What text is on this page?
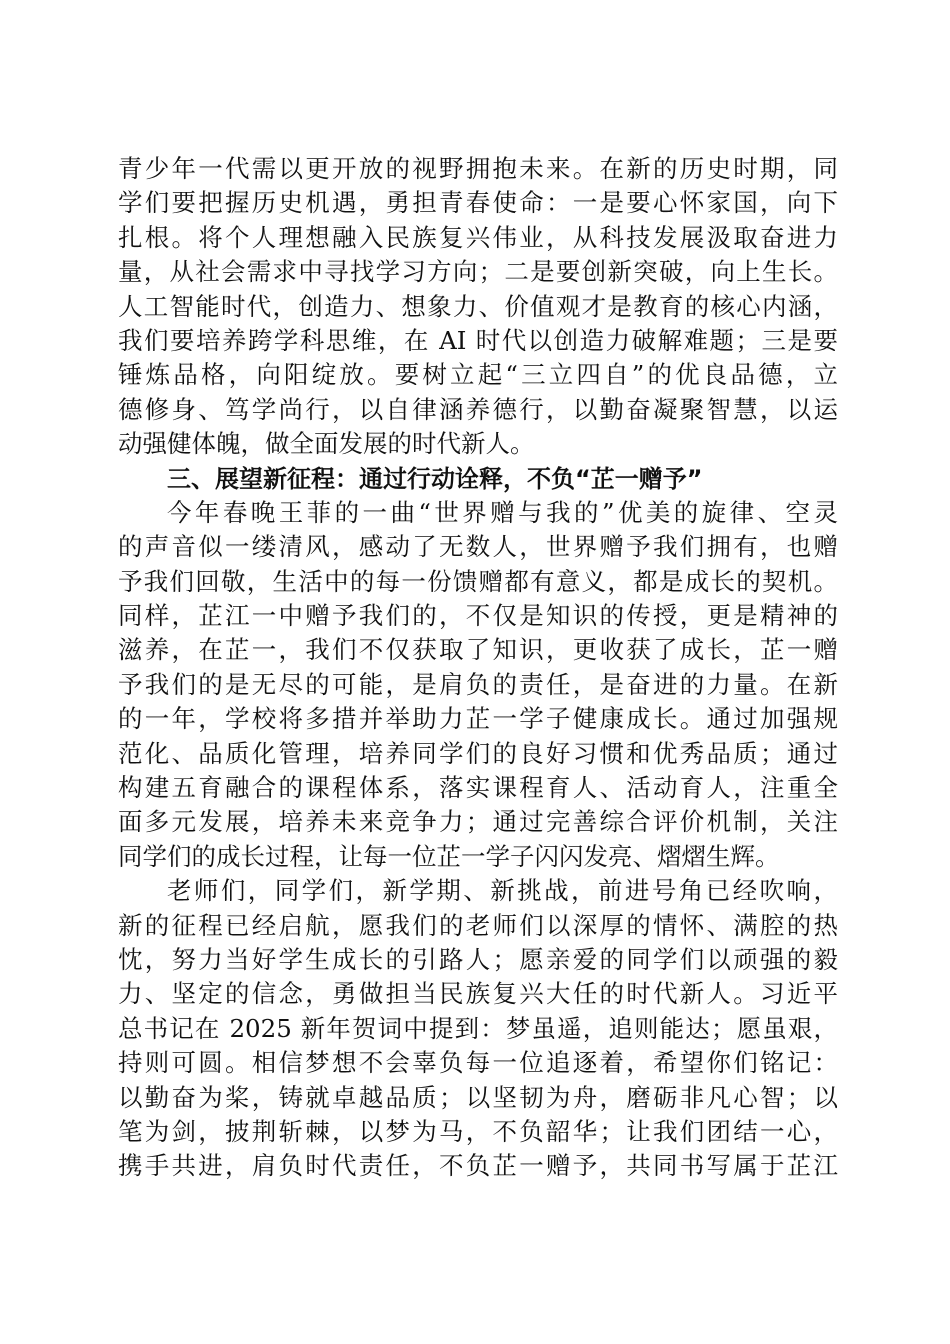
青少年一代需以更开放的视野拥抱未来。在新的历史时期，同
学们要把握历史机遇，勇担青春使命：一是要心怀家国，向下
扎根。将个人理想融入民族复兴伟业，从科技发展汲取奋进力
量，从社会需求中寻找学习方向；二是要创新突破，向上生长。
人工智能时代，创造力、想象力、价值观才是教育的核心内涵，
我们要培养跨学科思维，在 AI 时代以创造力破解难题；三是要
锤炼品格，向阳绽放。要树立起“三立四自”的优良品德，立
德修身、笃学尚行，以自律涵养德行，以勤奋凝聚智慧，以运
动强健体魄，做全面发展的时代新人。
三、展望新征程：通过行动诠释，不负“芷一赠予”
今年春晚王菲的一曲“世界赠与我的”优美的旋律、空灵
的声音似一缕清风，感动了无数人，世界赠予我们拥有，也赠
予我们回敬，生活中的每一份馈赠都有意义，都是成长的契机。
同样，芷江一中赠予我们的，不仅是知识的传授，更是精神的
滋养，在芷一，我们不仅获取了知识，更收获了成长，芷一赠
予我们的是无尽的可能，是肩负的责任，是奋进的力量。在新
的一年，学校将多措并举助力芷一学子健康成长。通过加强规
范化、品质化管理，培养同学们的良好习惯和优秀品质；通过
构建五育融合的课程体系，落实课程育人、活动育人，注重全
面多元发展，培养未来竞争力；通过完善综合评价机制，关注
同学们的成长过程，让每一位芷一学子闪闪发亮、熠熠生辉。
老师们，同学们，新学期、新挑战，前进号角已经吹响，
新的征程已经启航，愿我们的老师们以深厚的情怀、满腔的热
忱，努力当好学生成长的引路人；愿亲爱的同学们以顽强的毅
力、坚定的信念，勇做担当民族复兴大任的时代新人。习近平
总书记在 2025 新年贺词中提到：梦虽遥，追则能达；愿虽艰，
持则可圆。相信梦想不会辜负每一位追逐着，希望你们铭记：
以勤奋为桨，铸就卓越品质；以坚韧为舟，磨砺非凡心智；以
笔为剑，披荆斩棘，以梦为马，不负韶华；让我们团结一心，
携手共进，肩负时代责任，不负芷一赠予，共同书写属于芷江
